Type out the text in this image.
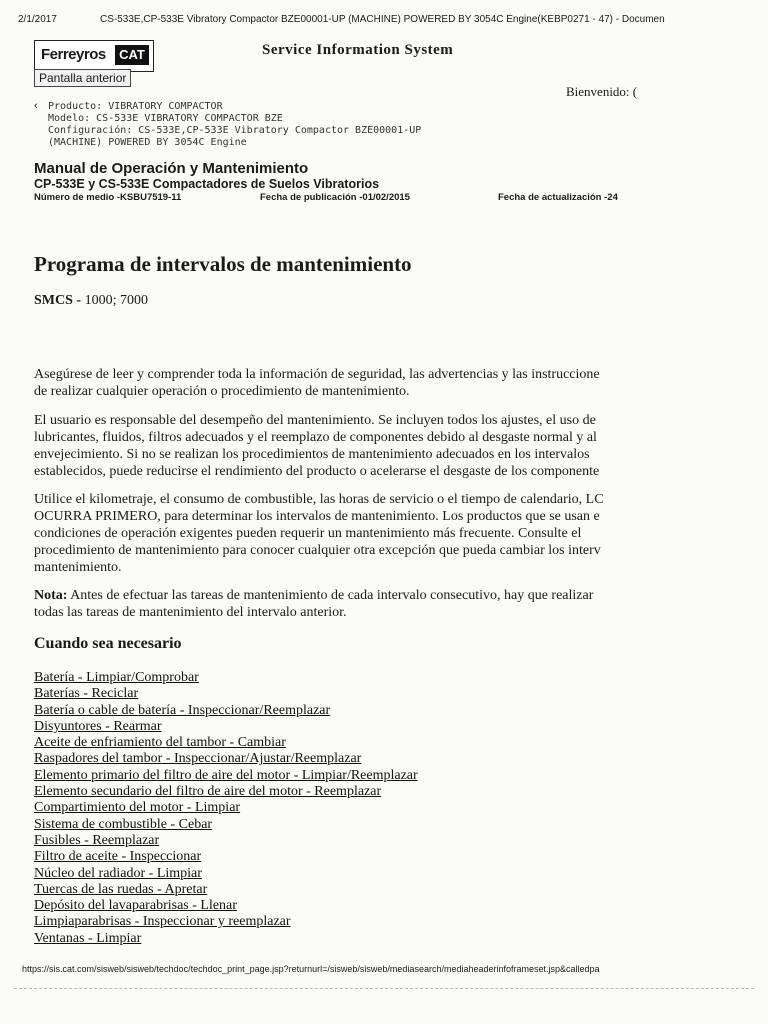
2/1/2017	CS-533E,CP-533E Vibratory Compactor BZE00001-UP (MACHINE) POWERED BY 3054C Engine(KEBP0271 - 47) - Documen
Ferreyros	CAT
Pantalla anterior
Service Information System
Bienvenido: (
‹ Producto: VIBRATORY COMPACTOR
Modelo: CS-533E VIBRATORY COMPACTOR BZE
Configuración: CS-533E,CP-533E Vibratory Compactor BZE00001-UP
(MACHINE) POWERED BY 3054C Engine
Manual de Operación y Mantenimiento
CP-533E y CS-533E Compactadores de Suelos Vibratorios
Número de medio -KSBU7519-11	Fecha de publicación -01/02/2015	Fecha de actualización -24
Programa de intervalos de mantenimiento
SMCS - 1000; 7000
Asegúrese de leer y comprender toda la información de seguridad, las advertencias y las instruccione
de realizar cualquier operación o procedimiento de mantenimiento.
El usuario es responsable del desempeño del mantenimiento. Se incluyen todos los ajustes, el uso de
lubricantes, fluidos, filtros adecuados y el reemplazo de componentes debido al desgaste normal y al
envejecimiento. Si no se realizan los procedimientos de mantenimiento adecuados en los intervalos
establecidos, puede reducirse el rendimiento del producto o acelerarse el desgaste de los componente
Utilice el kilometraje, el consumo de combustible, las horas de servicio o el tiempo de calendario, LC
OCURRA PRIMERO, para determinar los intervalos de mantenimiento. Los productos que se usan e
condiciones de operación exigentes pueden requerir un mantenimiento más frecuente. Consulte el
procedimiento de mantenimiento para conocer cualquier otra excepción que pueda cambiar los interv
mantenimiento.
Nota: Antes de efectuar las tareas de mantenimiento de cada intervalo consecutivo, hay que realizar
todas las tareas de mantenimiento del intervalo anterior.
Cuando sea necesario
Batería - Limpiar/Comprobar
Baterías - Reciclar
Batería o cable de batería - Inspeccionar/Reemplazar
Disyuntores - Rearmar
Aceite de enfriamiento del tambor - Cambiar
Raspadores del tambor - Inspeccionar/Ajustar/Reemplazar
Elemento primario del filtro de aire del motor - Limpiar/Reemplazar
Elemento secundario del filtro de aire del motor - Reemplazar
Compartimiento del motor - Limpiar
Sistema de combustible - Cebar
Fusibles - Reemplazar
Filtro de aceite - Inspeccionar
Núcleo del radiador - Limpiar
Tuercas de las ruedas - Apretar
Depósito del lavaparabrisas - Llenar
Limpiaparabrisas - Inspeccionar y reemplazar
Ventanas - Limpiar
https://sis.cat.com/sisweb/sisweb/techdoc/techdoc_print_page.jsp?returnurl=/sisweb/sisweb/mediasearch/mediaheaderinfoframeset.jsp&calledpa
